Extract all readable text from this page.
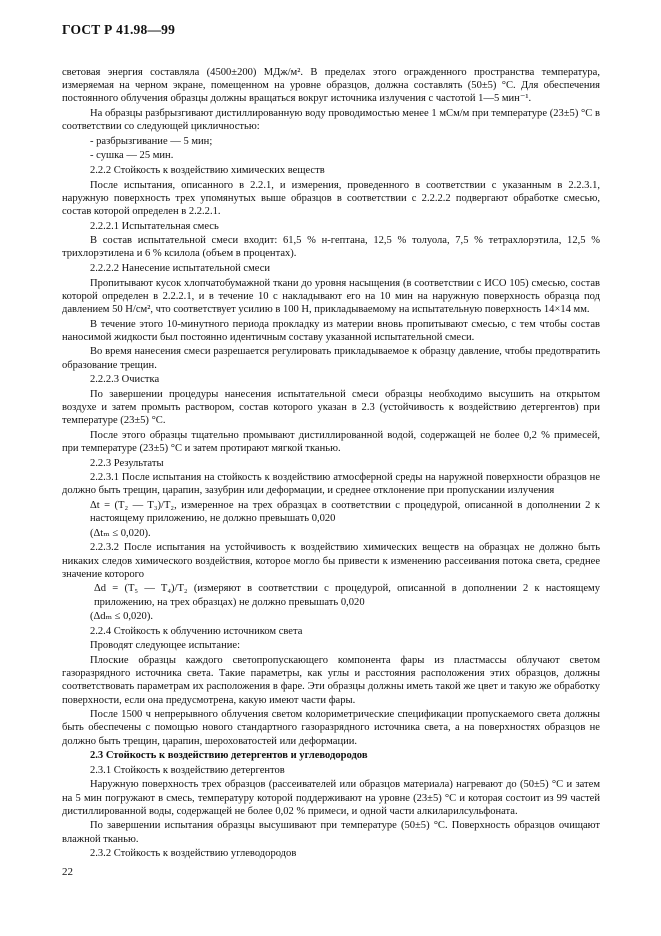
ГОСТ Р 41.98—99

световая энергия составляла (4500±200) МДж/м². В пределах этого огражденного пространства температура, измеряемая на черном экране, помещенном на уровне образцов, должна составлять (50±5) °С. Для обеспечения постоянного облучения образцы должны вращаться вокруг источника излучения с частотой 1—5 мин⁻¹.

На образцы разбрызгивают дистиллированную воду проводимостью менее 1 мСм/м при температуре (23±5) °С в соответствии со следующей цикличностью:

- разбрызгивание — 5 мин;

- сушка — 25 мин.

2.2.2 Стойкость к воздействию химических веществ

После испытания, описанного в 2.2.1, и измерения, проведенного в соответствии с указанным в 2.2.3.1, наружную поверхность трех упомянутых выше образцов в соответствии с 2.2.2.2 подвергают обработке смесью, состав которой определен в 2.2.2.1.

2.2.2.1 Испытательная смесь

В состав испытательной смеси входит: 61,5 % н-гептана, 12,5 % толуола, 7,5 % тетрахлорэтила, 12,5 % трихлорэтилена и 6 % ксилола (объем в процентах).

2.2.2.2 Нанесение испытательной смеси

Пропитывают кусок хлопчатобумажной ткани до уровня насыщения (в соответствии с ИСО 105) смесью, состав которой определен в 2.2.2.1, и в течение 10 с накладывают его на 10 мин на наружную поверхность образца под давлением 50 Н/см², что соответствует усилию в 100 Н, прикладываемому на испытательную поверхность 14×14 мм.

В течение этого 10-минутного периода прокладку из материи вновь пропитывают смесью, с тем чтобы состав наносимой жидкости был постоянно идентичным составу указанной испытательной смеси.

Во время нанесения смеси разрешается регулировать прикладываемое к образцу давление, чтобы предотвратить образование трещин.

2.2.2.3 Очистка

По завершении процедуры нанесения испытательной смеси образцы необходимо высушить на открытом воздухе и затем промыть раствором, состав которого указан в 2.3 (устойчивость к воздействию детергентов) при температуре (23±5) °С.

После этого образцы тщательно промывают дистиллированной водой, содержащей не более 0,2 % примесей, при температуре (23±5) °С и затем протирают мягкой тканью.

2.2.3 Результаты

2.2.3.1 После испытания на стойкость к воздействию атмосферной среды на наружной поверхности образцов не должно быть трещин, царапин, зазубрин или деформации, и среднее отклонение при пропускании излучения

Δt = (T₂ — T₃)/T₂, измеренное на трех образцах в соответствии с процедурой, описанной в дополнении 2 к настоящему приложению, не должно превышать 0,020

(Δtₘ ≤ 0,020).

2.2.3.2 После испытания на устойчивость к воздействию химических веществ на образцах не должно быть никаких следов химического воздействия, которое могло бы привести к изменению рассеивания потока света, среднее значение которого

Δd = (T₅ — T₄)/T₂ (измеряют в соответствии с процедурой, описанной в дополнении 2 к настоящему приложению, на трех образцах) не должно превышать 0,020

(Δdₘ ≤ 0,020).

2.2.4 Стойкость к облучению источником света

Проводят следующее испытание:

Плоские образцы каждого светопропускающего компонента фары из пластмассы облучают светом газоразрядного источника света. Такие параметры, как углы и расстояния расположения этих образцов, должны соответствовать параметрам их расположения в фаре. Эти образцы должны иметь такой же цвет и такую же обработку поверхности, если она предусмотрена, какую имеют части фары.

После 1500 ч непрерывного облучения светом колориметрические спецификации пропускаемого света должны быть обеспечены с помощью нового стандартного газоразрядного источника света, а на поверхностях образцов не должно быть трещин, царапин, шероховатостей или деформации.

2.3 Стойкость к воздействию детергентов и углеводородов

2.3.1 Стойкость к воздействию детергентов

Наружную поверхность трех образцов (рассеивателей или образцов материала) нагревают до (50±5) °С и затем на 5 мин погружают в смесь, температуру которой поддерживают на уровне (23±5) °С и которая состоит из 99 частей дистиллированной воды, содержащей не более 0,02 % примеси, и одной части алкиларилсульфоната.

По завершении испытания образцы высушивают при температуре (50±5) °С. Поверхность образцов очищают влажной тканью.

2.3.2 Стойкость к воздействию углеводородов

22
